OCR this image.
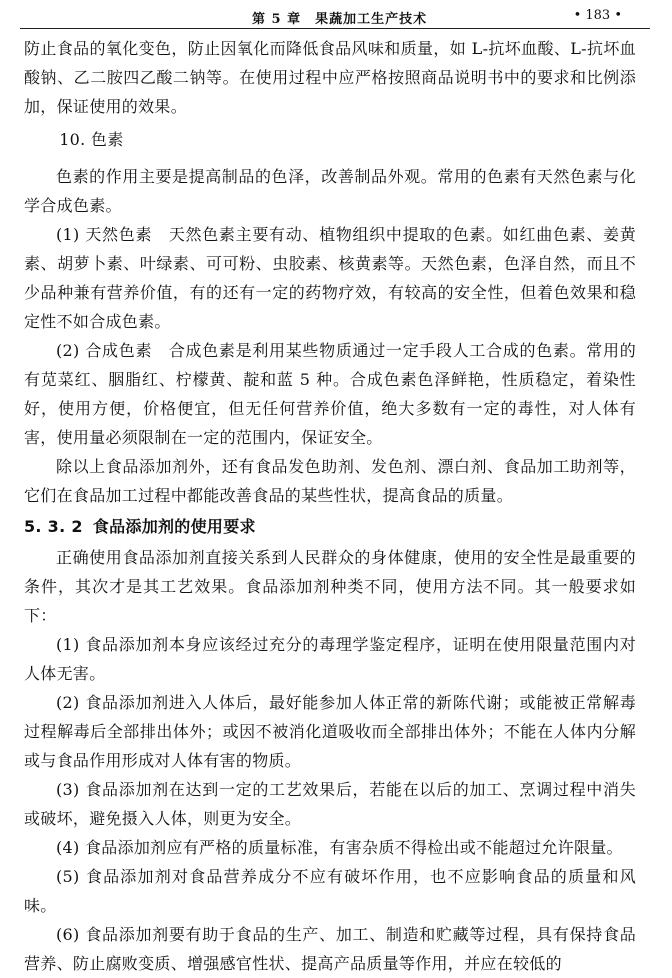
第 5 章　果蔬加工生产技术	• 183 •

防止食品的氧化变色，防止因氧化而降低食品风味和质量，如 L-抗坏血酸、L-抗坏血酸钠、乙二胺四乙酸二钠等。在使用过程中应严格按照商品说明书中的要求和比例添加，保证使用的效果。

10. 色素

色素的作用主要是提高制品的色泽，改善制品外观。常用的色素有天然色素与化学合成色素。

(1) 天然色素　天然色素主要有动、植物组织中提取的色素。如红曲色素、姜黄素、胡萝卜素、叶绿素、可可粉、虫胶素、核黄素等。天然色素，色泽自然，而且不少品种兼有营养价值，有的还有一定的药物疗效，有较高的安全性，但着色效果和稳定性不如合成色素。

(2) 合成色素　合成色素是利用某些物质通过一定手段人工合成的色素。常用的有苋菜红、胭脂红、柠檬黄、靛和蓝 5 种。合成色素色泽鲜艳，性质稳定，着染性好，使用方便，价格便宜，但无任何营养价值，绝大多数有一定的毒性，对人体有害，使用量必须限制在一定的范围内，保证安全。

除以上食品添加剂外，还有食品发色助剂、发色剂、漂白剂、食品加工助剂等，它们在食品加工过程中都能改善食品的某些性状，提高食品的质量。

5. 3. 2 食品添加剂的使用要求

正确使用食品添加剂直接关系到人民群众的身体健康，使用的安全性是最重要的条件，其次才是其工艺效果。食品添加剂种类不同，使用方法不同。其一般要求如下：

(1) 食品添加剂本身应该经过充分的毒理学鉴定程序，证明在使用限量范围内对人体无害。

(2) 食品添加剂进入人体后，最好能参加人体正常的新陈代谢；或能被正常解毒过程解毒后全部排出体外；或因不被消化道吸收而全部排出体外；不能在人体内分解或与食品作用形成对人体有害的物质。

(3) 食品添加剂在达到一定的工艺效果后，若能在以后的加工、烹调过程中消失或破坏，避免摄入人体，则更为安全。

(4) 食品添加剂应有严格的质量标准，有害杂质不得检出或不能超过允许限量。

(5) 食品添加剂对食品营养成分不应有破坏作用，也不应影响食品的质量和风味。

(6) 食品添加剂要有助于食品的生产、加工、制造和贮藏等过程，具有保持食品营养、防止腐败变质、增强感官性状、提高产品质量等作用，并应在较低的
